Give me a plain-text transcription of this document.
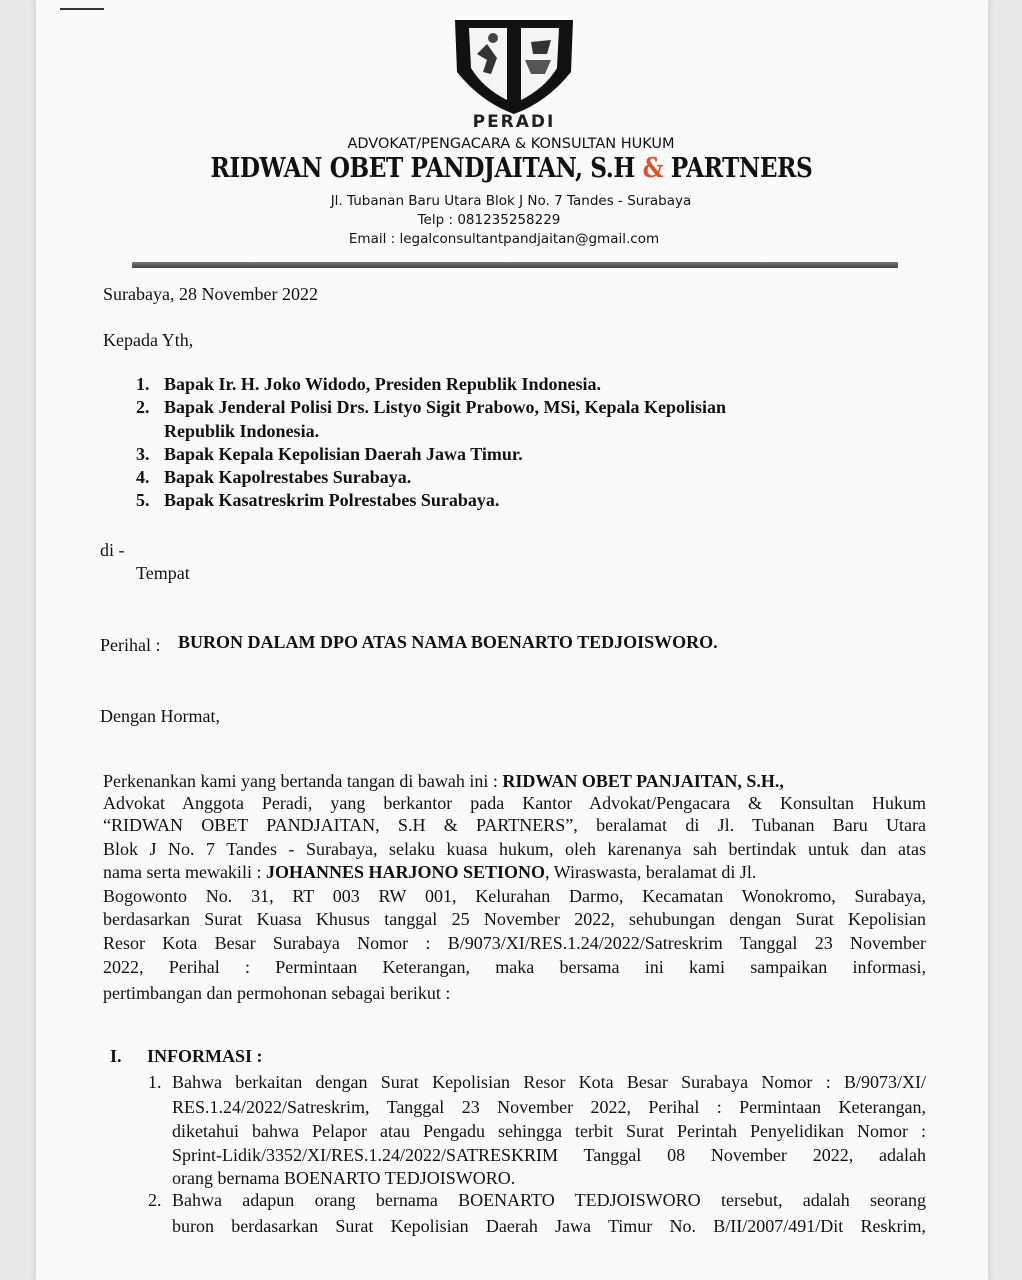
PERADI
ADVOKAT/PENGACARA & KONSULTAN HUKUM
RIDWAN OBET PANDJAITAN, S.H & PARTNERS
Jl. Tubanan Baru Utara Blok J No. 7 Tandes - Surabaya
Telp : 081235258229
Email : legalconsultantpandjaitan@gmail.com
Surabaya, 28 November 2022
Kepada Yth,
1. Bapak Ir. H. Joko Widodo, Presiden Republik Indonesia.
2. Bapak Jenderal Polisi Drs. Listyo Sigit Prabowo, MSi, Kepala Kepolisian
Republik Indonesia.
3. Bapak Kepala Kepolisian Daerah Jawa Timur.
4. Bapak Kapolrestabes Surabaya.
5. Bapak Kasatreskrim Polrestabes Surabaya.
di -
Tempat
Perihal : BURON DALAM DPO ATAS NAMA BOENARTO TEDJOISWORO.
Dengan Hormat,
Perkenankan kami yang bertanda tangan di bawah ini : RIDWAN OBET PANJAITAN, S.H.,
Advokat Anggota Peradi, yang berkantor pada Kantor Advokat/Pengacara & Konsultan Hukum
“RIDWAN OBET PANDJAITAN, S.H & PARTNERS”, beralamat di Jl. Tubanan Baru Utara
Blok J No. 7 Tandes - Surabaya, selaku kuasa hukum, oleh karenanya sah bertindak untuk dan atas
nama serta mewakili : JOHANNES HARJONO SETIONO, Wiraswasta, beralamat di Jl.
Bogowonto No. 31, RT 003 RW 001, Kelurahan Darmo, Kecamatan Wonokromo, Surabaya,
berdasarkan Surat Kuasa Khusus tanggal 25 November 2022, sehubungan dengan Surat Kepolisian
Resor Kota Besar Surabaya Nomor : B/9073/XI/RES.1.24/2022/Satreskrim Tanggal 23 November
2022, Perihal : Permintaan Keterangan, maka bersama ini kami sampaikan informasi,
pertimbangan dan permohonan sebagai berikut :
I. INFORMASI :
1. Bahwa berkaitan dengan Surat Kepolisian Resor Kota Besar Surabaya Nomor : B/9073/XI/
RES.1.24/2022/Satreskrim, Tanggal 23 November 2022, Perihal : Permintaan Keterangan,
diketahui bahwa Pelapor atau Pengadu sehingga terbit Surat Perintah Penyelidikan Nomor :
Sprint-Lidik/3352/XI/RES.1.24/2022/SATRESKRIM Tanggal 08 November 2022, adalah
orang bernama BOENARTO TEDJOISWORO.
2. Bahwa adapun orang bernama BOENARTO TEDJOISWORO tersebut, adalah seorang
buron berdasarkan Surat Kepolisian Daerah Jawa Timur No. B/II/2007/491/Dit Reskrim,
